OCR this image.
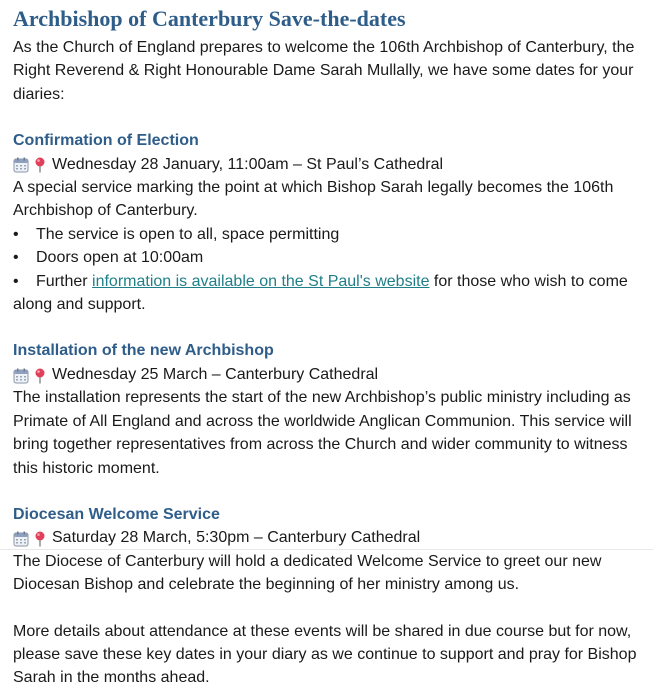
Archbishop of Canterbury Save-the-dates

As the Church of England prepares to welcome the 106th Archbishop of Canterbury, the Right Reverend & Right Honourable Dame Sarah Mullally, we have some dates for your diaries:

Confirmation of Election
Wednesday 28 January, 11:00am – St Paul’s Cathedral

A special service marking the point at which Bishop Sarah legally becomes the 106th Archbishop of Canterbury.

• The service is open to all, space permitting
• Doors open at 10:00am

• Further information is available on the St Paul's website for those who wish to come along and support.

Installation of the new Archbishop
Wednesday 25 March – Canterbury Cathedral

The installation represents the start of the new Archbishop’s public ministry including as Primate of All England and across the worldwide Anglican Communion. This service will bring together representatives from across the Church and wider community to witness this historic moment.

Diocesan Welcome Service
Saturday 28 March, 5:30pm – Canterbury Cathedral

The Diocese of Canterbury will hold a dedicated Welcome Service to greet our new Diocesan Bishop and celebrate the beginning of her ministry among us.

More details about attendance at these events will be shared in due course but for now, please save these key dates in your diary as we continue to support and pray for Bishop Sarah in the months ahead.
